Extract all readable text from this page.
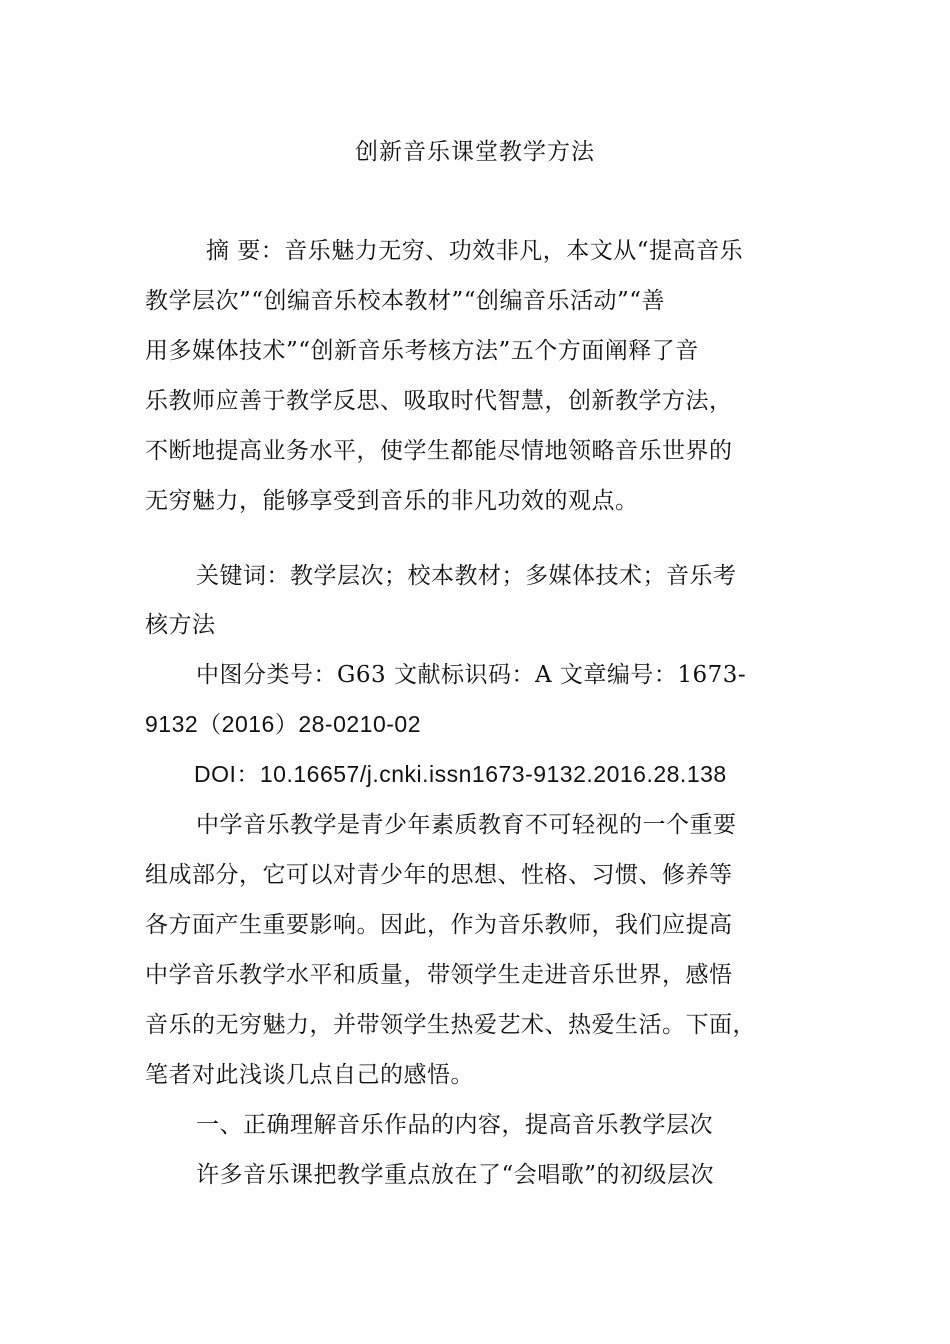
创新音乐课堂教学方法
摘 要：音乐魅力无穷、功效非凡，本文从“提高音乐
教学层次”“创编音乐校本教材”“创编音乐活动”“善
用多媒体技术”“创新音乐考核方法”五个方面阐释了音
乐教师应善于教学反思、吸取时代智慧，创新教学方法，
不断地提高业务水平，使学生都能尽情地领略音乐世界的
无穷魅力，能够享受到音乐的非凡功效的观点。
关键词：教学层次；校本教材；多媒体技术；音乐考
核方法
中图分类号：G63 文献标识码：A 文章编号：1673-
9132（2016）28-0210-02
DOI：10.16657/j.cnki.issn1673-9132.2016.28.138
中学音乐教学是青少年素质教育不可轻视的一个重要
组成部分，它可以对青少年的思想、性格、习惯、修养等
各方面产生重要影响。因此，作为音乐教师，我们应提高
中学音乐教学水平和质量，带领学生走进音乐世界，感悟
音乐的无穷魅力，并带领学生热爱艺术、热爱生活。下面，
笔者对此浅谈几点自己的感悟。
一、正确理解音乐作品的内容，提高音乐教学层次
许多音乐课把教学重点放在了“会唱歌”的初级层次
